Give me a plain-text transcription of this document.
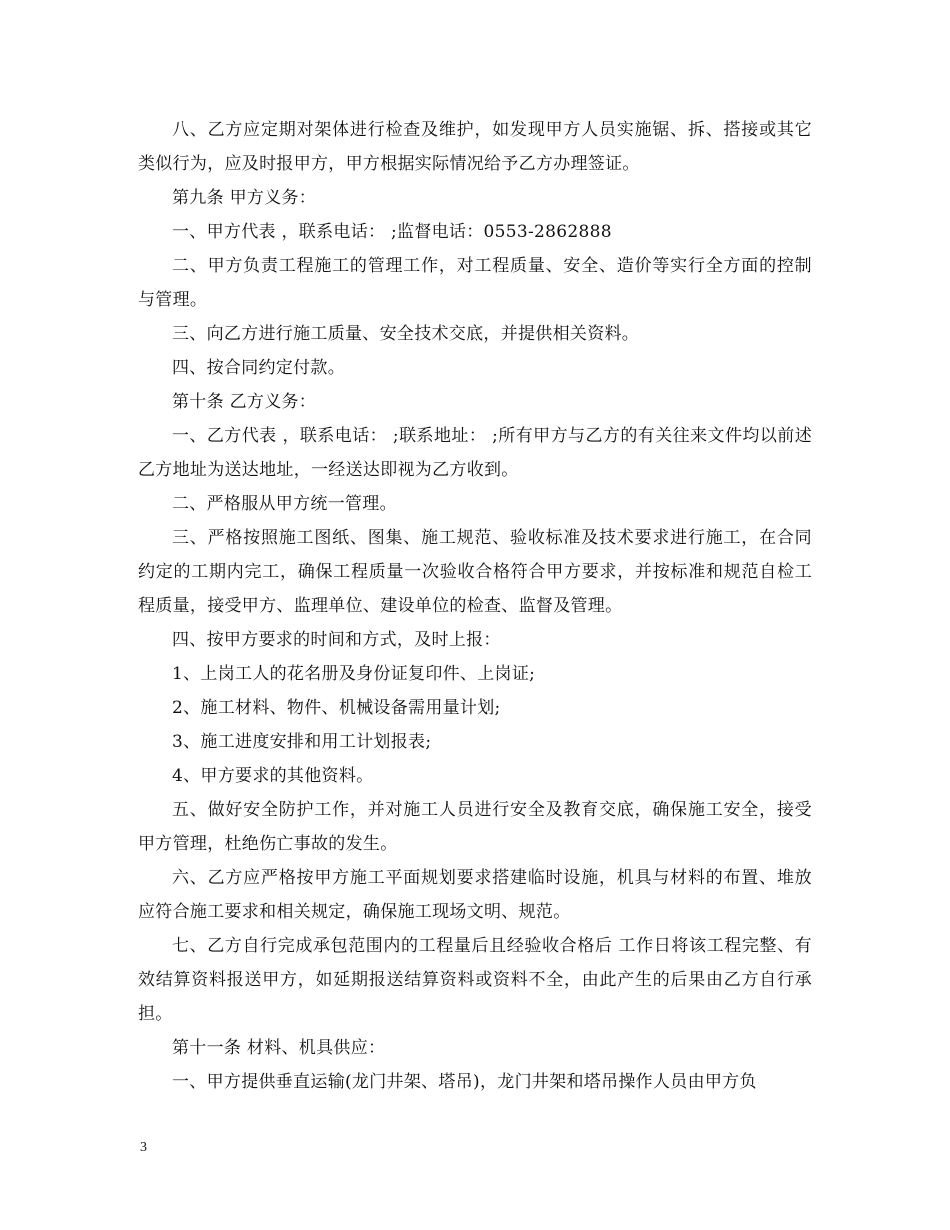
八、乙方应定期对架体进行检查及维护，如发现甲方人员实施锯、拆、搭接或其它类似行为，应及时报甲方，甲方根据实际情况给予乙方办理签证。

第九条 甲方义务：

一、甲方代表 ，联系电话： ;监督电话：0553-2862888

二、甲方负责工程施工的管理工作，对工程质量、安全、造价等实行全方面的控制与管理。

三、向乙方进行施工质量、安全技术交底，并提供相关资料。

四、按合同约定付款。

第十条 乙方义务：

一、乙方代表 ，联系电话： ;联系地址： ;所有甲方与乙方的有关往来文件均以前述乙方地址为送达地址，一经送达即视为乙方收到。

二、严格服从甲方统一管理。

三、严格按照施工图纸、图集、施工规范、验收标准及技术要求进行施工，在合同约定的工期内完工，确保工程质量一次验收合格符合甲方要求，并按标准和规范自检工程质量，接受甲方、监理单位、建设单位的检查、监督及管理。

四、按甲方要求的时间和方式，及时上报：

1、上岗工人的花名册及身份证复印件、上岗证;

2、施工材料、物件、机械设备需用量计划;

3、施工进度安排和用工计划报表;

4、甲方要求的其他资料。

五、做好安全防护工作，并对施工人员进行安全及教育交底，确保施工安全，接受甲方管理，杜绝伤亡事故的发生。

六、乙方应严格按甲方施工平面规划要求搭建临时设施，机具与材料的布置、堆放应符合施工要求和相关规定，确保施工现场文明、规范。

七、乙方自行完成承包范围内的工程量后且经验收合格后 工作日将该工程完整、有效结算资料报送甲方，如延期报送结算资料或资料不全，由此产生的后果由乙方自行承担。

第十一条 材料、机具供应：

一、甲方提供垂直运输(龙门井架、塔吊)，龙门井架和塔吊操作人员由甲方负

3
